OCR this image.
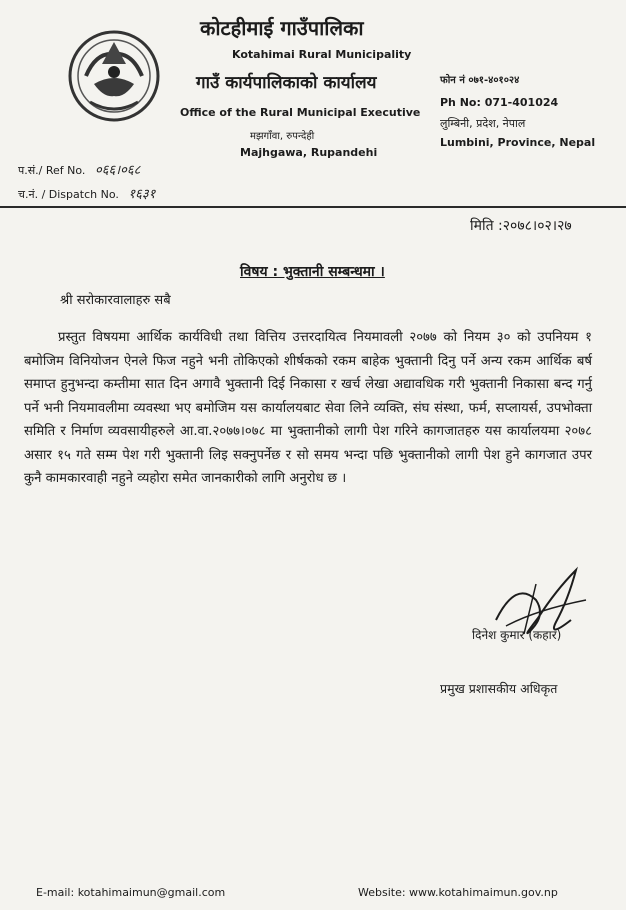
कोटहीमाई गाउँपालिका
Kotahimai Rural Municipality
गाउँ कार्यपालिकाको कार्यालय
Office of the Rural Municipal Executive
मझगाँवा, रुपन्देही
Majhgawa, Rupandehi
फोन नं ०७१-४०१०२४
Ph No: 071-401024
लुम्बिनी, प्रदेश, नेपाल
Lumbini, Province, Nepal
प.सं./ Ref No. ०६६।०६८
च.नं. / Dispatch No. १६३१
मिति :२०७८।०२।२७
विषय : भुक्तानी सम्बन्धमा ।
श्री सरोकारवालाहरु सबै
प्रस्तुत विषयमा आर्थिक कार्यविधी तथा वित्तिय उत्तरदायित्व नियमावली २०७७ को नियम ३० को उपनियम १ बमोजिम विनियोजन ऐनले फिज नहुने भनी तोकिएको शीर्षकको रकम बाहेक भुक्तानी दिनु पर्ने अन्य रकम आर्थिक बर्ष समाप्त हुनुभन्दा कम्तीमा सात दिन अगावै भुक्तानी दिई निकासा र खर्च लेखा अद्यावधिक गरी भुक्तानी निकासा बन्द गर्नु पर्ने भनी नियमावलीमा व्यवस्था भए बमोजिम यस कार्यालयबाट सेवा लिने व्यक्ति, संघ संस्था, फर्म, सप्लायर्स, उपभोक्ता समिति र निर्माण व्यवसायीहरुले आ.वा.२०७७।०७८ मा भुक्तानीको लागी पेश गरिने कागजातहरु यस कार्यालयमा २०७८ असार १५ गते सम्म पेश गरी भुक्तानी लिइ सक्नुपर्नेछ र सो समय भन्दा पछि भुक्तानीको लागी पेश हुने कागजात उपर कुनै कामकारवाही नहुने व्यहोरा समेत जानकारीको लागि अनुरोध छ ।
दिनेश कुमार (कहार)
प्रमुख प्रशासकीय अधिकृत
E-mail: kotahimaimun@gmail.com	Website: www.kotahimaimun.gov.np
